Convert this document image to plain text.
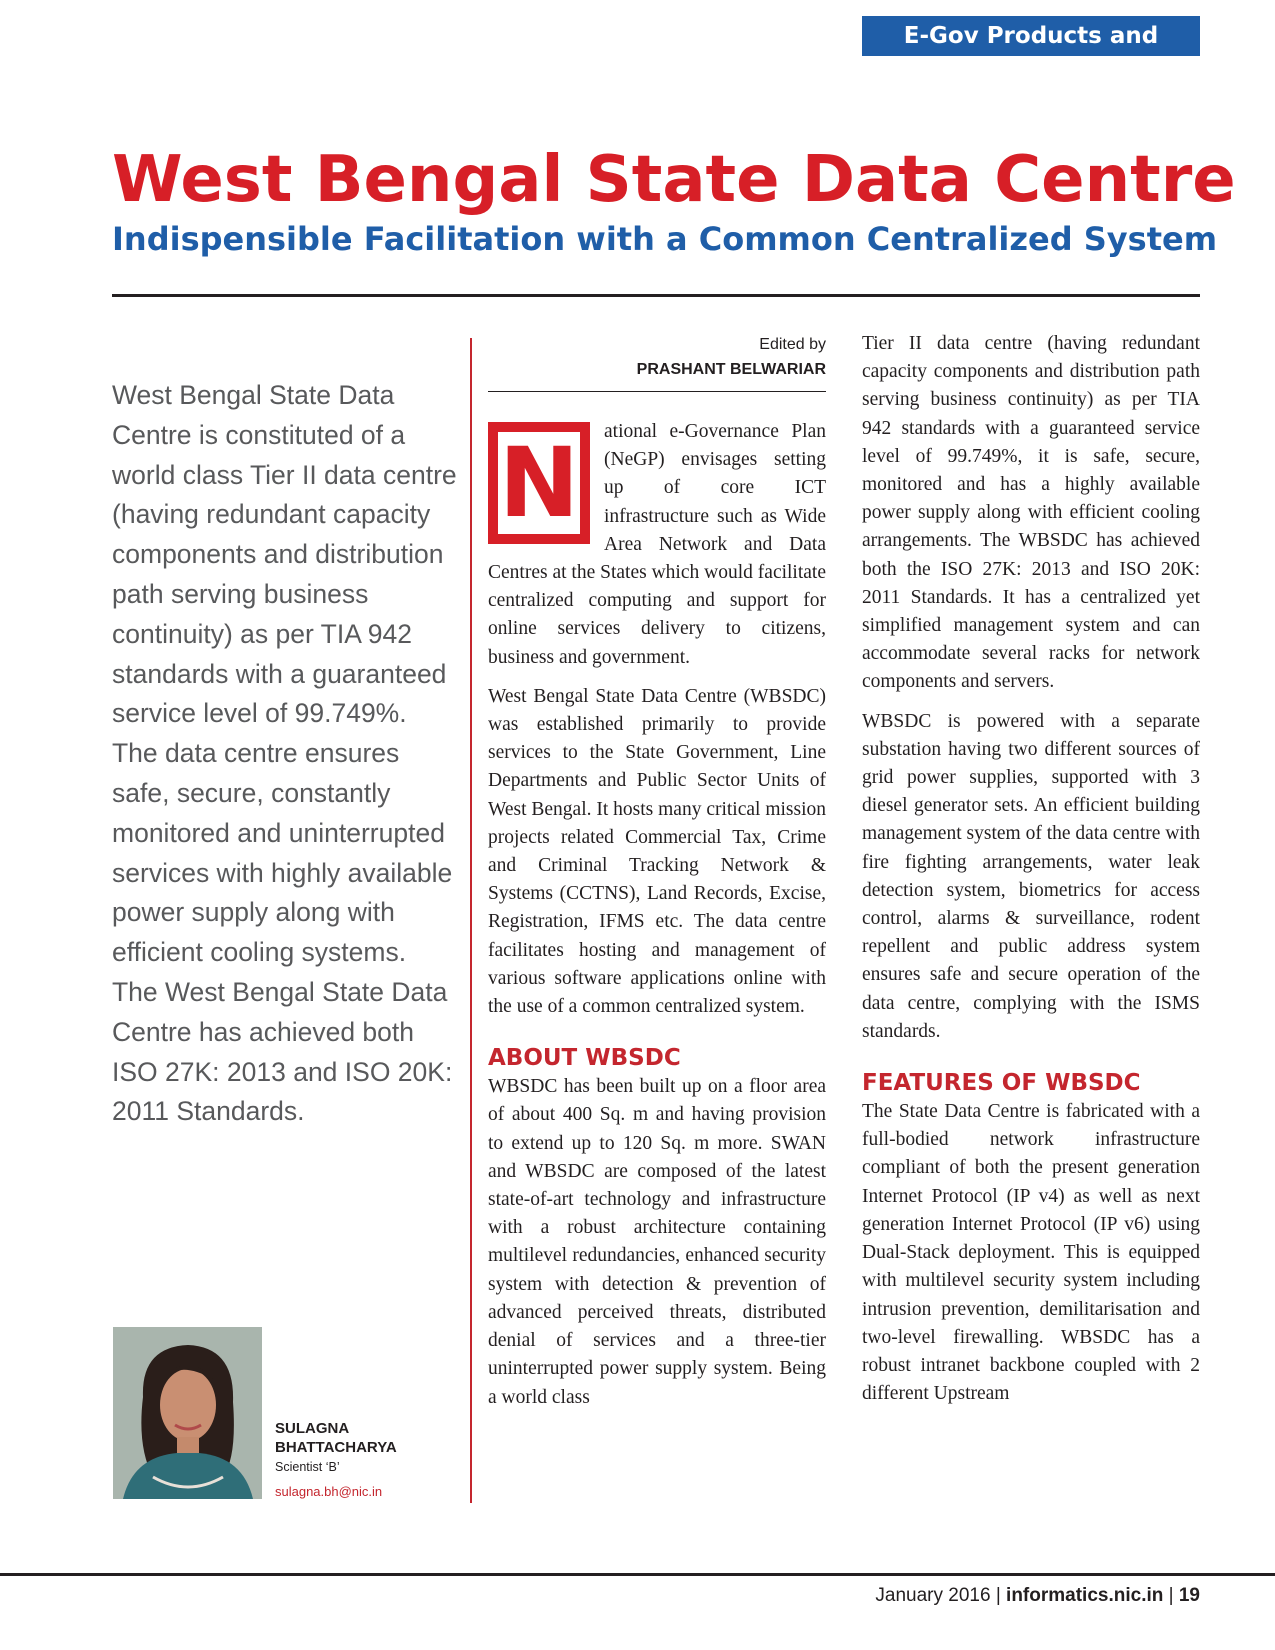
E-Gov Products and Services
West Bengal State Data Centre
Indispensible Facilitation with a Common Centralized System

West Bengal State Data Centre is constituted of a world class Tier II data centre (having redundant capacity components and distribution path serving business continuity) as per TIA 942 standards with a guaranteed service level of 99.749%. The data centre ensures safe, secure, constantly monitored and uninterrupted services with highly available power supply along with efficient cooling systems. The West Bengal State Data Centre has achieved both ISO 27K: 2013 and ISO 20K: 2011 Standards.

SULAGNA BHATTACHARYA

Scientist ‘B’
sulagna.bh@nic.in
Edited by
PRASHANT BELWARIAR

N ational e-Governance Plan (NeGP) envisages setting up of core ICT infrastructure such as Wide Area Network and Data Centres at the States which would facilitate centralized computing and support for online services delivery to citizens, business and government.

West Bengal State Data Centre (WBSDC) was established primarily to provide services to the State Government, Line Departments and Public Sector Units of West Bengal. It hosts many critical mission projects related Commercial Tax, Crime and Criminal Tracking Network & Systems (CCTNS), Land Records, Excise, Registration, IFMS etc. The data centre facilitates hosting and management of various software applications online with the use of a common centralized system.

ABOUT WBSDC

WBSDC has been built up on a floor area of about 400 Sq. m and having provision to extend up to 120 Sq. m more. SWAN and WBSDC are composed of the latest state-of-art technology and infrastructure with a robust architecture containing multilevel redundancies, enhanced security system with detection & prevention of advanced perceived threats, distributed denial of services and a three-tier uninterrupted power supply system. Being a world class

Tier II data centre (having redundant capacity components and distribution path serving business continuity) as per TIA 942 standards with a guaranteed service level of 99.749%, it is safe, secure, monitored and has a highly available power supply along with efficient cooling arrangements. The WBSDC has achieved both the ISO 27K: 2013 and ISO 20K: 2011 Standards. It has a centralized yet simplified management system and can accommodate several racks for network components and servers.

WBSDC is powered with a separate substation having two different sources of grid power supplies, supported with 3 diesel generator sets. An efficient building management system of the data centre with fire fighting arrangements, water leak detection system, biometrics for access control, alarms & surveillance, rodent repellent and public address system ensures safe and secure operation of the data centre, complying with the ISMS standards.

FEATURES OF WBSDC

The State Data Centre is fabricated with a full-bodied network infrastructure compliant of both the present generation Internet Protocol (IP v4) as well as next generation Internet Protocol (IP v6) using Dual-Stack deployment. This is equipped with multilevel security system including intrusion prevention, demilitarisation and two-level firewalling. WBSDC has a robust intranet backbone coupled with 2 different Upstream

January 2016 | informatics.nic.in | 19
